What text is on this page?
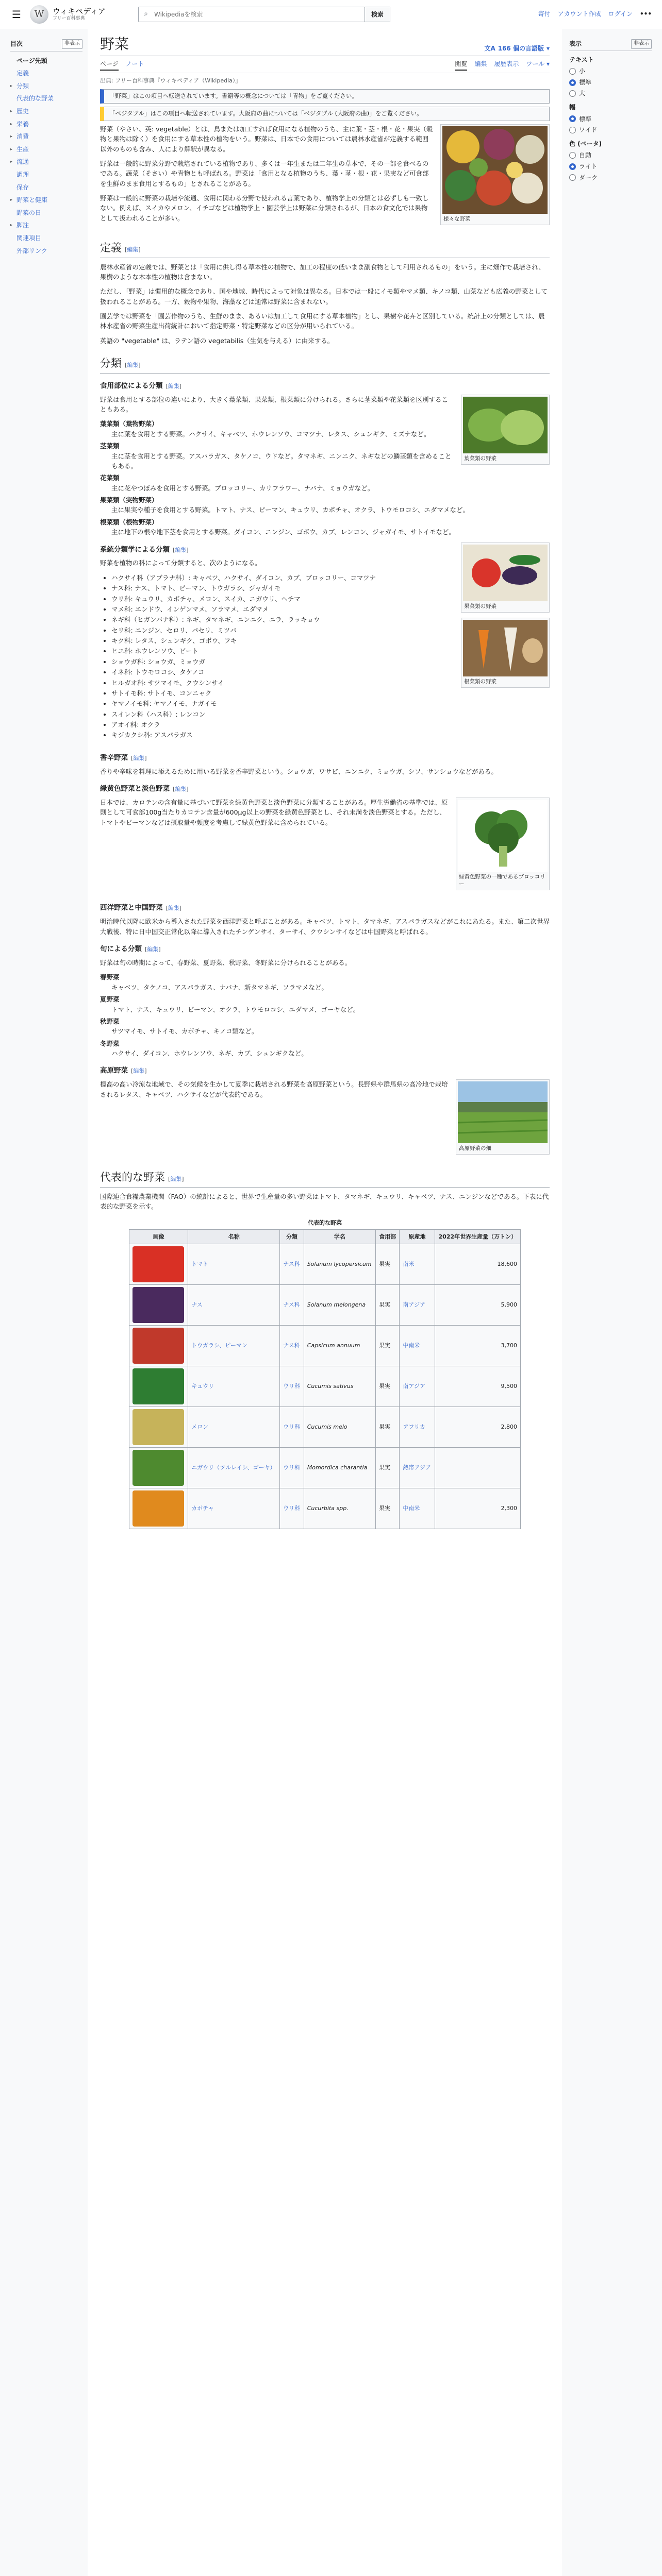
☰	W	ウィキペディア
フリー百科事典
⌕
Wikipediaを検索	検索	寄付 アカウント作成 ログイン •••
目次	非表示
ページ先頭
定義
▸ 分類
代表的な野菜
▸ 歴史
▸ 栄養
▸ 消費
▸ 生産
▸ 流通
調理
保存
▸ 野菜と健康
野菜の日
▸ 脚注
関連項目
外部リンク
野菜	文A 166 個の言語版 ▾
ページ ノート	閲覧 編集 履歴表示 ツール ▾
出典: フリー百科事典『ウィキペディア（Wikipedia）』
「野菜」はこの項目へ転送されています。書籍等の概念については「青物」をご覧ください。
「ベジタブル」はこの項目へ転送されています。大阪府の曲については「ベジタブル (大阪府の曲)」をご覧ください。
様々な野菜

野菜（やさい、英: vegetable）とは、鳥または加工すれば食用になる植物のうち、主に葉・茎・根・花・果実（穀物と果物は除く）を食用にする草本性の植物をいう。野菜は、日本での食用については農林水産省が定義する範囲以外のものも含み、人により解釈が異なる。

野菜は一般的に野菜分野で栽培されている植物であり、多くは一年生または二年生の草本で、その一部を食べるのである。蔬菜（そさい）や青物とも呼ばれる。野菜は「食用となる植物のうち、葉・茎・根・花・果実など可食部を生鮮のまま食用とするもの」とされることがある。

野菜は一般的に野菜の栽培や流通、食用に関わる分野で使われる言葉であり、植物学上の分類とは必ずしも一致しない。例えば、スイカやメロン、イチゴなどは植物学上・園芸学上は野菜に分類されるが、日本の食文化では果物として扱われることが多い。

定義 [編集]

農林水産省の定義では、野菜とは「食用に供し得る草本性の植物で、加工の程度の低いまま副食物として利用されるもの」をいう。主に畑作で栽培され、果樹のような木本性の植物は含まない。

ただし、「野菜」は慣用的な概念であり、国や地域、時代によって対象は異なる。日本では一般にイモ類やマメ類、キノコ類、山菜なども広義の野菜として扱われることがある。一方、穀物や果物、海藻などは通常は野菜に含まれない。

園芸学では野菜を「園芸作物のうち、生鮮のまま、あるいは加工して食用にする草本植物」とし、果樹や花卉と区別している。統計上の分類としては、農林水産省の野菜生産出荷統計において指定野菜・特定野菜などの区分が用いられている。

英語の "vegetable" は、ラテン語の vegetabilis（生気を与える）に由来する。

分類 [編集]
食用部位による分類 [編集]
葉菜類の野菜

野菜は食用とする部位の違いにより、大きく葉菜類、果菜類、根菜類に分けられる。さらに茎菜類や花菜類を区別することもある。

葉菜類（葉物野菜）
主に葉を食用とする野菜。ハクサイ、キャベツ、ホウレンソウ、コマツナ、レタス、シュンギク、ミズナなど。
茎菜類
主に茎を食用とする野菜。アスパラガス、タケノコ、ウドなど。タマネギ、ニンニク、ネギなどの鱗茎類を含めることもある。
花菜類
主に花やつぼみを食用とする野菜。ブロッコリー、カリフラワー、ナバナ、ミョウガなど。
果菜類（実物野菜）
主に果実や種子を食用とする野菜。トマト、ナス、ピーマン、キュウリ、カボチャ、オクラ、トウモロコシ、エダマメなど。
根菜類（根物野菜）
主に地下の根や地下茎を食用とする野菜。ダイコン、ニンジン、ゴボウ、カブ、レンコン、ジャガイモ、サトイモなど。
果菜類の野菜
根菜類の野菜
系統分類学による分類 [編集]

野菜を植物の科によって分類すると、次のようになる。

• ハクサイ科（アブラナ科）: キャベツ、ハクサイ、ダイコン、カブ、ブロッコリー、コマツナ
• ナス科: ナス、トマト、ピーマン、トウガラシ、ジャガイモ
• ウリ科: キュウリ、カボチャ、メロン、スイカ、ニガウリ、ヘチマ
• マメ科: エンドウ、インゲンマメ、ソラマメ、エダマメ
• ネギ科（ヒガンバナ科）: ネギ、タマネギ、ニンニク、ニラ、ラッキョウ
• セリ科: ニンジン、セロリ、パセリ、ミツバ
• キク科: レタス、シュンギク、ゴボウ、フキ
• ヒユ科: ホウレンソウ、ビート
• ショウガ科: ショウガ、ミョウガ
• イネ科: トウモロコシ、タケノコ
• ヒルガオ科: サツマイモ、クウシンサイ
• サトイモ科: サトイモ、コンニャク
• ヤマノイモ科: ヤマノイモ、ナガイモ
• スイレン科（ハス科）: レンコン
• アオイ科: オクラ
• キジカクシ科: アスパラガス
香辛野菜 [編集]

香りや辛味を料理に添えるために用いる野菜を香辛野菜という。ショウガ、ワサビ、ニンニク、ミョウガ、シソ、サンショウなどがある。

緑黄色野菜と淡色野菜 [編集]
緑黄色野菜の一種であるブロッコリー

日本では、カロテンの含有量に基づいて野菜を緑黄色野菜と淡色野菜に分類することがある。厚生労働省の基準では、原則として可食部100g当たりカロテン含量が600μg以上の野菜を緑黄色野菜とし、それ未満を淡色野菜とする。ただし、トマトやピーマンなどは摂取量や頻度を考慮して緑黄色野菜に含められている。

西洋野菜と中国野菜 [編集]

明治時代以降に欧米から導入された野菜を西洋野菜と呼ぶことがある。キャベツ、トマト、タマネギ、アスパラガスなどがこれにあたる。また、第二次世界大戦後、特に日中国交正常化以降に導入されたチンゲンサイ、ターサイ、クウシンサイなどは中国野菜と呼ばれる。

旬による分類 [編集]

野菜は旬の時期によって、春野菜、夏野菜、秋野菜、冬野菜に分けられることがある。

春野菜
キャベツ、タケノコ、アスパラガス、ナバナ、新タマネギ、ソラマメなど。
夏野菜
トマト、ナス、キュウリ、ピーマン、オクラ、トウモロコシ、エダマメ、ゴーヤなど。
秋野菜
サツマイモ、サトイモ、カボチャ、キノコ類など。
冬野菜
ハクサイ、ダイコン、ホウレンソウ、ネギ、カブ、シュンギクなど。
高原野菜 [編集]
高原野菜の畑

標高の高い冷涼な地域で、その気候を生かして夏季に栽培される野菜を高原野菜という。長野県や群馬県の高冷地で栽培されるレタス、キャベツ、ハクサイなどが代表的である。

代表的な野菜 [編集]

国際連合食糧農業機関（FAO）の統計によると、世界で生産量の多い野菜はトマト、タマネギ、キュウリ、キャベツ、ナス、ニンジンなどである。下表に代表的な野菜を示す。

代表的な野菜
画像	名称	分類	学名	食用部	原産地	2022年世界生産量（万トン）

	トマト	ナス科	Solanum lycopersicum	果実	南米	18,600

	ナス	ナス科	Solanum melongena	果実	南アジア	5,900

	トウガラシ、ピーマン	ナス科	Capsicum annuum	果実	中南米	3,700

	キュウリ	ウリ科	Cucumis sativus	果実	南アジア	9,500

	メロン	ウリ科	Cucumis melo	果実	アフリカ	2,800

	ニガウリ（ツルレイシ、ゴーヤ）	ウリ科	Momordica charantia	果実	熱帯アジア	

	カボチャ	ウリ科	Cucurbita spp.	果実	中南米	2,300
表示	非表示
テキスト
小
標準
大
幅
標準
ワイド
色 (ベータ)
自動
ライト
ダーク
